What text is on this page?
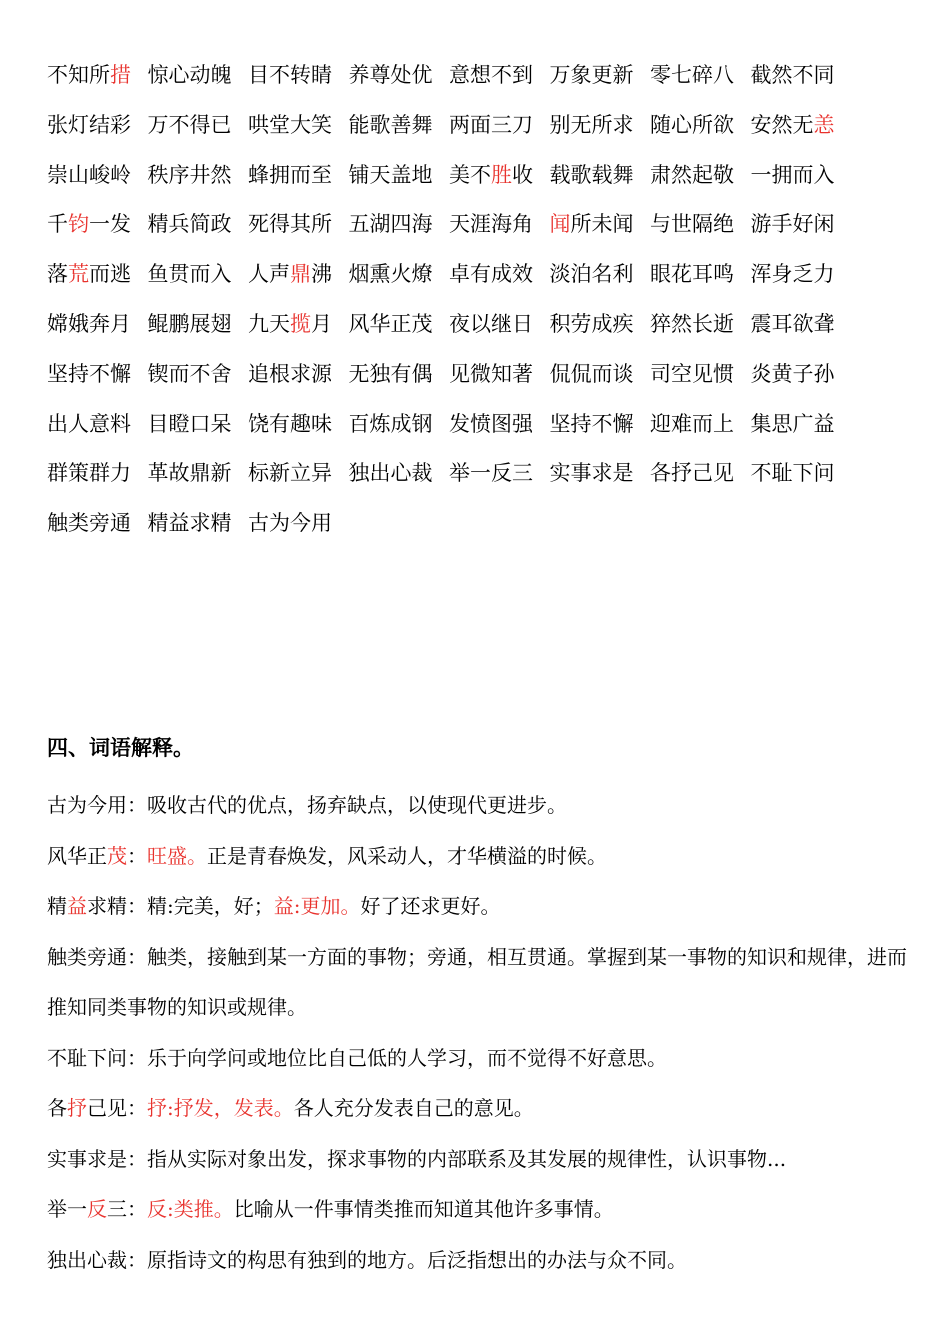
不知所措 惊心动魄 目不转睛 养尊处优 意想不到 万象更新 零七碎八 截然不同
张灯结彩 万不得已 哄堂大笑 能歌善舞 两面三刀 别无所求 随心所欲 安然无恙
崇山峻岭 秩序井然 蜂拥而至 铺天盖地 美不胜收 载歌载舞 肃然起敬 一拥而入
千钧一发 精兵简政 死得其所 五湖四海 天涯海角 闻所未闻 与世隔绝 游手好闲
落荒而逃 鱼贯而入 人声鼎沸 烟熏火燎 卓有成效 淡泊名利 眼花耳鸣 浑身乏力
嫦娥奔月 鲲鹏展翅 九天揽月 风华正茂 夜以继日 积劳成疾 猝然长逝 震耳欲聋
坚持不懈 锲而不舍 追根求源 无独有偶 见微知著 侃侃而谈 司空见惯 炎黄子孙
出人意料 目瞪口呆 饶有趣味 百炼成钢 发愤图强 坚持不懈 迎难而上 集思广益
群策群力 革故鼎新 标新立异 独出心裁 举一反三 实事求是 各抒己见 不耻下问
触类旁通 精益求精 古为今用
四、词语解释。
古为今用：吸收古代的优点，扬弃缺点，以使现代更进步。
风华正茂：旺盛。正是青春焕发，风采动人，才华横溢的时候。
精益求精：精:完美，好；益:更加。好了还求更好。
触类旁通：触类，接触到某一方面的事物；旁通，相互贯通。掌握到某一事物的知识和规律，进而推知同类事物的知识或规律。
不耻下问：乐于向学问或地位比自己低的人学习，而不觉得不好意思。
各抒己见：抒:抒发，发表。各人充分发表自己的意见。
实事求是：指从实际对象出发，探求事物的内部联系及其发展的规律性，认识事物...
举一反三：反:类推。比喻从一件事情类推而知道其他许多事情。
独出心裁：原指诗文的构思有独到的地方。后泛指想出的办法与众不同。
